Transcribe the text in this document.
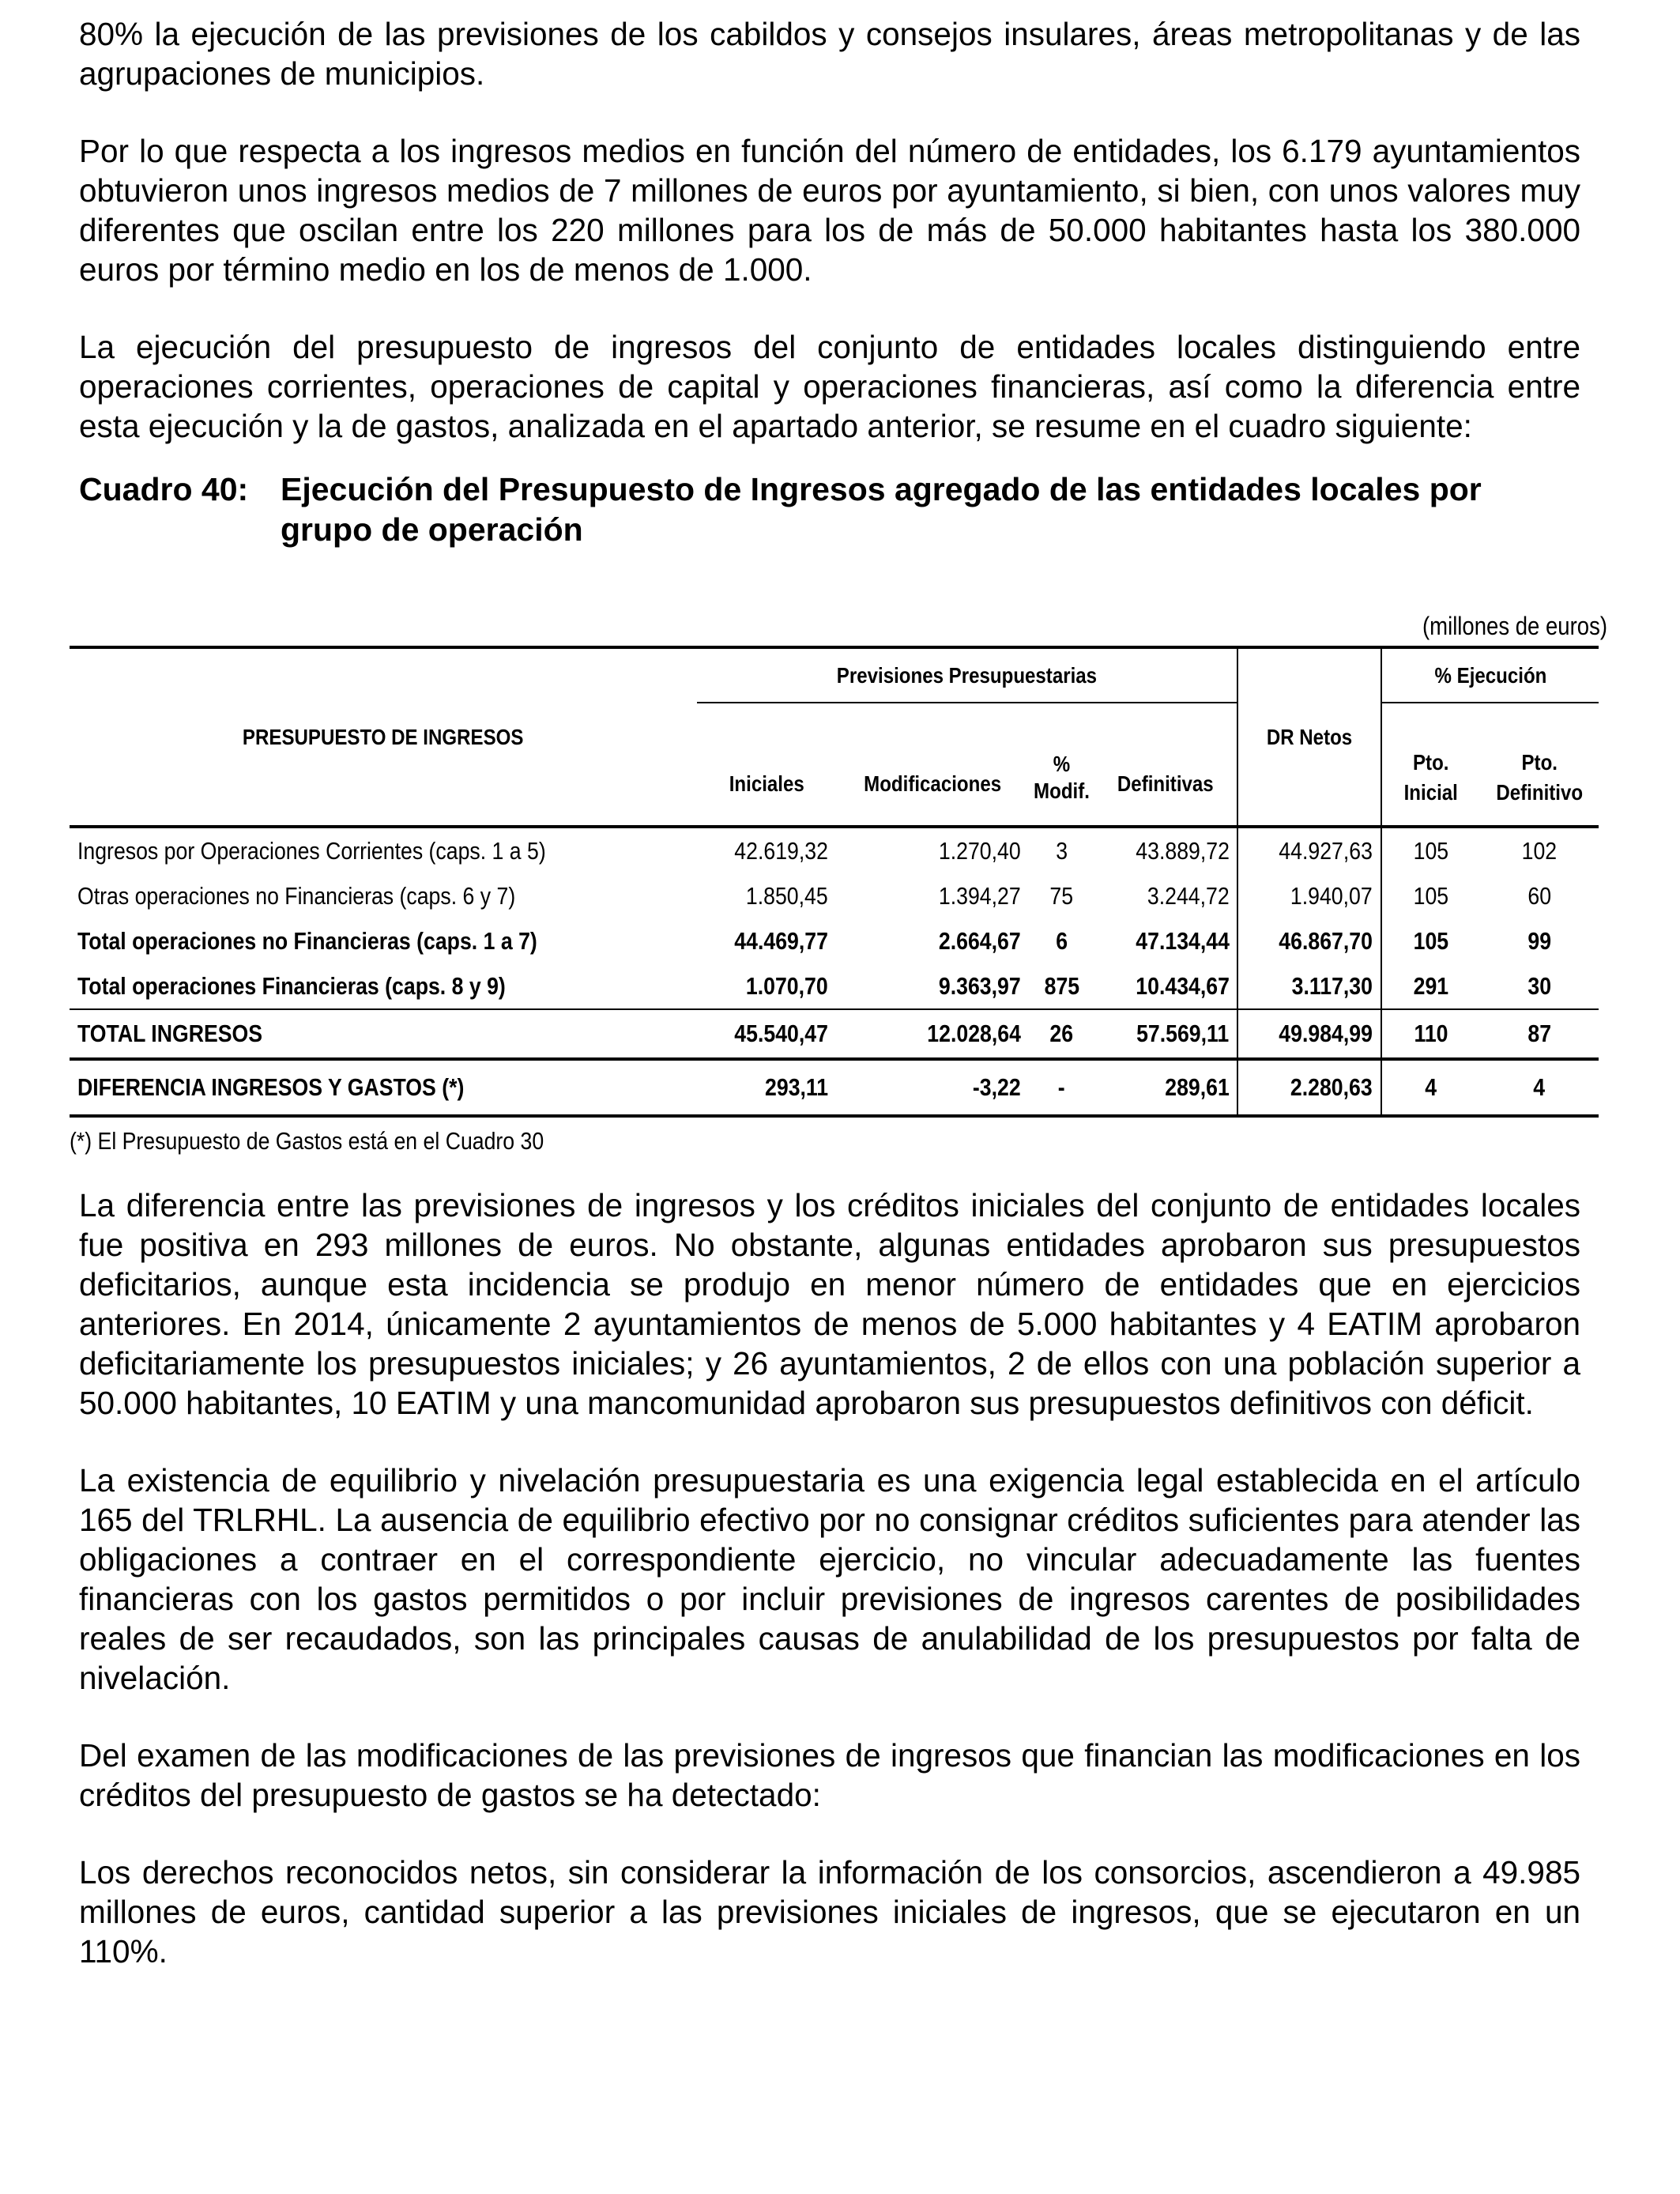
80% la ejecución de las previsiones de los cabildos y consejos insulares, áreas metropolitanas y de las agrupaciones de municipios.

Por lo que respecta a los ingresos medios en función del número de entidades, los 6.179 ayuntamientos obtuvieron unos ingresos medios de 7 millones de euros por ayuntamiento, si bien, con unos valores muy diferentes que oscilan entre los 220 millones para los de más de 50.000 habitantes hasta los 380.000 euros por término medio en los de menos de 1.000.

La ejecución del presupuesto de ingresos del conjunto de entidades locales distinguiendo entre operaciones corrientes, operaciones de capital y operaciones financieras, así como la diferencia entre esta ejecución y la de gastos, analizada en el apartado anterior, se resume en el cuadro siguiente:

Cuadro 40: Ejecución del Presupuesto de Ingresos agregado de las entidades locales por grupo de operación
(millones de euros)
PRESUPUESTO DE INGRESOS	Previsiones Presupuestarias				DR Netos	% Ejecución	
	Iniciales	Modificaciones	% Modif.	Definitivas		Pto. Inicial	Pto. Definitivo
Ingresos por Operaciones Corrientes (caps. 1 a 5)	42.619,32	1.270,40	3	43.889,72	44.927,63	105	102
Otras operaciones no Financieras (caps. 6 y 7)	1.850,45	1.394,27	75	3.244,72	1.940,07	105	60
Total operaciones no Financieras (caps. 1 a 7)	44.469,77	2.664,67	6	47.134,44	46.867,70	105	99
Total operaciones Financieras (caps. 8 y 9)	1.070,70	9.363,97	875	10.434,67	3.117,30	291	30
TOTAL INGRESOS	45.540,47	12.028,64	26	57.569,11	49.984,99	110	87
DIFERENCIA INGRESOS Y GASTOS (*)	293,11	-3,22	-	289,61	2.280,63	4	4
(*) El Presupuesto de Gastos está en el Cuadro 30

La diferencia entre las previsiones de ingresos y los créditos iniciales del conjunto de entidades locales fue positiva en 293 millones de euros. No obstante, algunas entidades aprobaron sus presupuestos deficitarios, aunque esta incidencia se produjo en menor número de entidades que en ejercicios anteriores. En 2014, únicamente 2 ayuntamientos de menos de 5.000 habitantes y 4 EATIM aprobaron deficitariamente los presupuestos iniciales; y 26 ayuntamientos, 2 de ellos con una población superior a 50.000 habitantes, 10 EATIM y una mancomunidad aprobaron sus presupuestos definitivos con déficit.

La existencia de equilibrio y nivelación presupuestaria es una exigencia legal establecida en el artículo 165 del TRLRHL. La ausencia de equilibrio efectivo por no consignar créditos suficientes para atender las obligaciones a contraer en el correspondiente ejercicio, no vincular adecuadamente las fuentes financieras con los gastos permitidos o por incluir previsiones de ingresos carentes de posibilidades reales de ser recaudados, son las principales causas de anulabilidad de los presupuestos por falta de nivelación.

Del examen de las modificaciones de las previsiones de ingresos que financian las modificaciones en los créditos del presupuesto de gastos se ha detectado:

Los derechos reconocidos netos, sin considerar la información de los consorcios, ascendieron a 49.985 millones de euros, cantidad superior a las previsiones iniciales de ingresos, que se ejecutaron en un 110%.
